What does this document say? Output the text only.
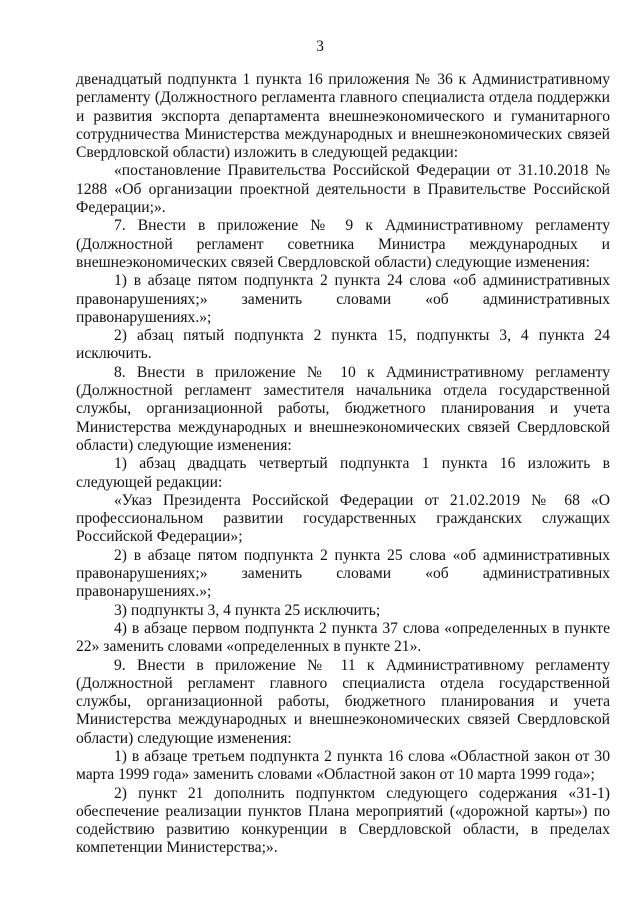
3

двенадцатый подпункта 1 пункта 16 приложения № 36 к Административному регламенту (Должностного регламента главного специалиста отдела поддержки и развития экспорта департамента внешнеэкономического и гуманитарного сотрудничества Министерства международных и внешнеэкономических связей Свердловской области) изложить в следующей редакции:

«постановление Правительства Российской Федерации от 31.10.2018 № 1288 «Об организации проектной деятельности в Правительстве Российской Федерации;».

7. Внести в приложение № 9 к Административному регламенту (Должностной регламент советника Министра международных и внешнеэкономических связей Свердловской области) следующие изменения:

1) в абзаце пятом подпункта 2 пункта 24 слова «об административных правонарушениях;» заменить словами «об административных правонарушениях.»;

2) абзац пятый подпункта 2 пункта 15, подпункты 3, 4 пункта 24 исключить.

8. Внести в приложение № 10 к Административному регламенту (Должностной регламент заместителя начальника отдела государственной службы, организационной работы, бюджетного планирования и учета Министерства международных и внешнеэкономических связей Свердловской области) следующие изменения:

1) абзац двадцать четвертый подпункта 1 пункта 16 изложить в следующей редакции:

«Указ Президента Российской Федерации от 21.02.2019 № 68 «О профессиональном развитии государственных гражданских служащих Российской Федерации»;

2) в абзаце пятом подпункта 2 пункта 25 слова «об административных правонарушениях;» заменить словами «об административных правонарушениях.»;

3) подпункты 3, 4 пункта 25 исключить;

4) в абзаце первом подпункта 2 пункта 37 слова «определенных в пункте 22» заменить словами «определенных в пункте 21».

9. Внести в приложение № 11 к Административному регламенту (Должностной регламент главного специалиста отдела государственной службы, организационной работы, бюджетного планирования и учета Министерства международных и внешнеэкономических связей Свердловской области) следующие изменения:

1) в абзаце третьем подпункта 2 пункта 16 слова «Областной закон от 30 марта 1999 года» заменить словами «Областной закон от 10 марта 1999 года»;

2) пункт 21 дополнить подпунктом следующего содержания «31-1) обеспечение реализации пунктов Плана мероприятий («дорожной карты») по содействию развитию конкуренции в Свердловской области, в пределах компетенции Министерства;».
